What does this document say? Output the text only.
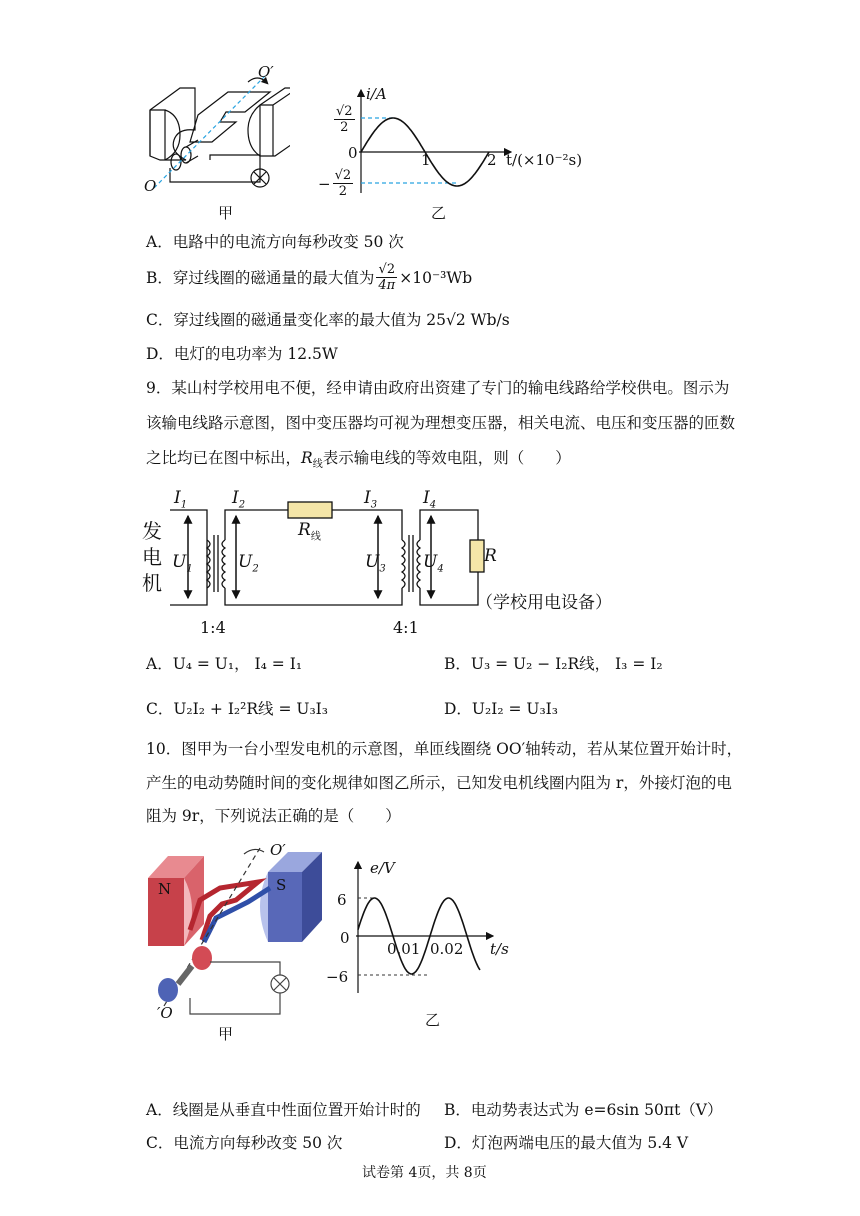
O′
O
甲
i/A
$\frac{√2}{2}$
0	1	2 t/(×10⁻²s)
− $\frac{√2}{2}$
乙
A．电路中的电流方向每秒改变 50 次
B．穿过线圈的磁通量的最大值为 $\frac{√2}{4\pi} \times 10^{-3}Wb$
C．穿过线圈的磁通量变化率的最大值为 25√2 Wb/s
D．电灯的电功率为 12.5W
9．某山村学校用电不便，经申请由政府出资建了专门的输电线路给学校供电。图示为
该输电线路示意图，图中变压器均可视为理想变压器，相关电流、电压和变压器的匝数
之比均已在图中标出，$R_线$表示输电线的等效电阻，则（　　）
发
电
机
$I_1$	$I_2$	$I_3$	$I_4$
$R_线$
$U_1$	$U_2$	$U_3$ $U_4$
R
（学校用电设备）
1:4	4:1
A．U₄ = U₁， I₄ = I₁	B．U₃ = U₂ − I₂R线， I₃ = I₂
C．U₂I₂ + I₂²R线 = U₃I₃	D．U₂I₂ = U₃I₃
10．图甲为一台小型发电机的示意图，单匝线圈绕 OO′轴转动，若从某位置开始计时，
产生的电动势随时间的变化规律如图乙所示，已知发电机线圈内阻为 r，外接灯泡的电
阻为 9r，下列说法正确的是（　　）
N	S
O′
′O
甲
e/V
6
0
−6
0.01 0.02 t/s
乙
A．线圈是从垂直中性面位置开始计时的 B．电动势表达式为 e=6sin 50πt（V）
C．电流方向每秒改变 50 次	D．灯泡两端电压的最大值为 5.4 V
试卷第 4页，共 8页
